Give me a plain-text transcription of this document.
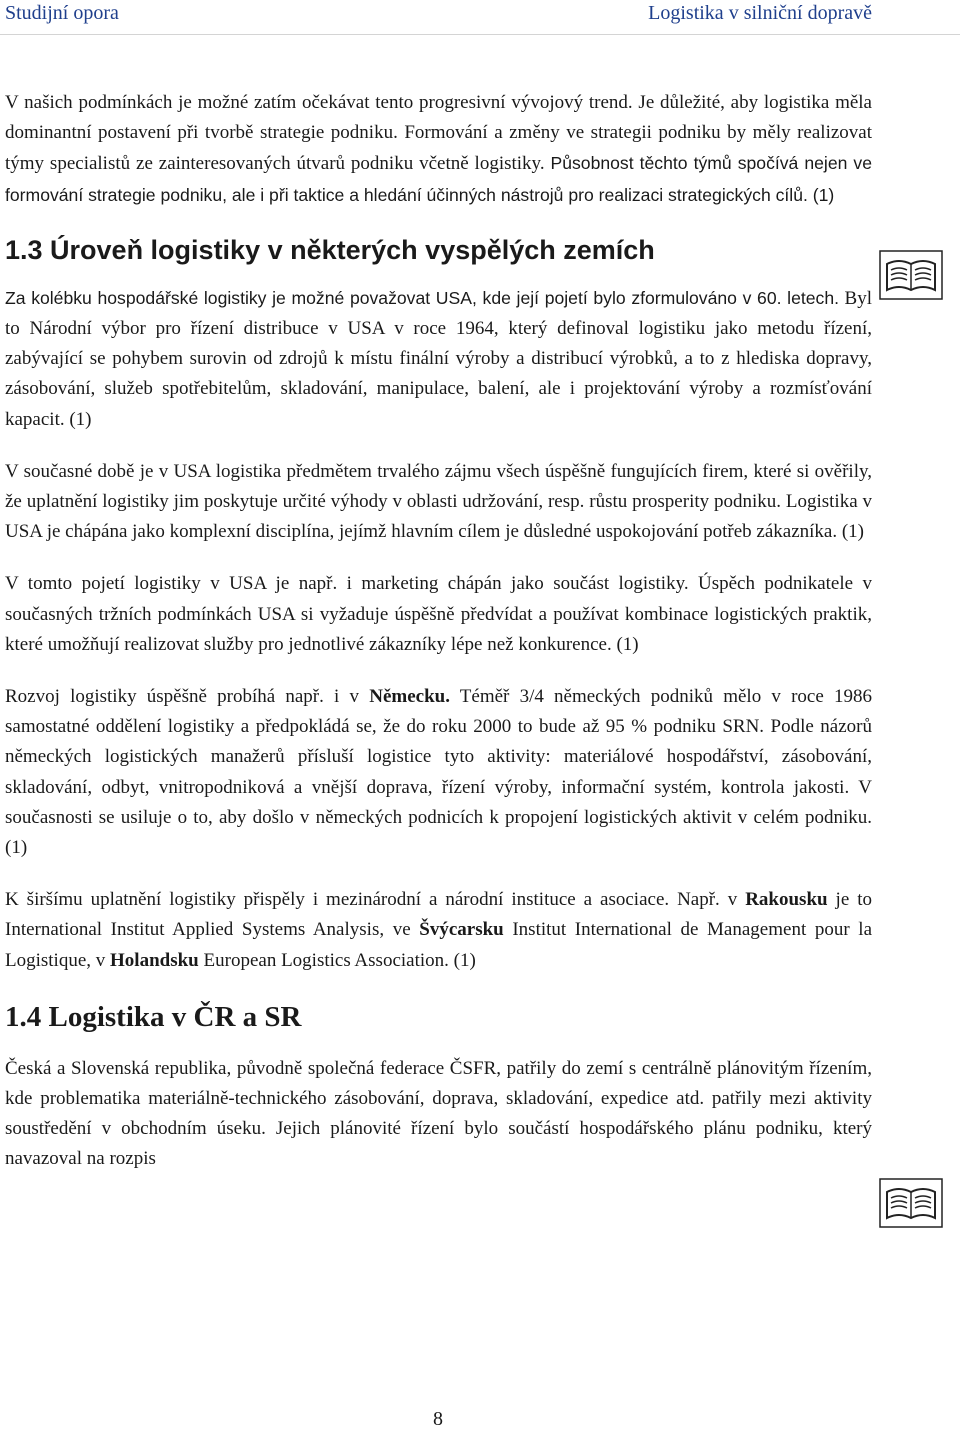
Studijní opora	Logistika v silniční dopravě

V našich podmínkách je možné zatím očekávat tento progresivní vývojový trend. Je důležité, aby logistika měla dominantní postavení při tvorbě strategie podniku. Formování a změny ve strategii podniku by měly realizovat týmy specialistů ze zainteresovaných útvarů podniku včetně logistiky. Působnost těchto týmů spočívá nejen ve formování strategie podniku, ale i při taktice a hledání účinných nástrojů pro realizaci strategických cílů. (1)

1.3 Úroveň logistiky v některých vyspělých zemích

Za kolébku hospodářské logistiky je možné považovat USA, kde její pojetí bylo zformulováno v 60. letech. Byl to Národní výbor pro řízení distribuce v USA v roce 1964, který definoval logistiku jako metodu řízení, zabývající se pohybem surovin od zdrojů k místu finální výroby a distribucí výrobků, a to z hlediska dopravy, zásobování, služeb spotřebitelům, skladování, manipulace, balení, ale i projektování výroby a rozmísťování kapacit. (1)

V současné době je v USA logistika předmětem trvalého zájmu všech úspěšně fungujících firem, které si ověřily, že uplatnění logistiky jim poskytuje určité výhody v oblasti udržování, resp. růstu prosperity podniku. Logistika v USA je chápána jako komplexní disciplína, jejímž hlavním cílem je důsledné uspokojování potřeb zákazníka. (1)

V tomto pojetí logistiky v USA je např. i marketing chápán jako součást logistiky. Úspěch podnikatele v současných tržních podmínkách USA si vyžaduje úspěšně předvídat a používat kombinace logistických praktik, které umožňují realizovat služby pro jednotlivé zákazníky lépe než konkurence. (1)

Rozvoj logistiky úspěšně probíhá např. i v Německu. Téměř 3/4 německých podniků mělo v roce 1986 samostatné oddělení logistiky a předpokládá se, že do roku 2000 to bude až 95 % podniku SRN. Podle názorů německých logistických manažerů přísluší logistice tyto aktivity: materiálové hospodářství, zásobování, skladování, odbyt, vnitropodniková a vnější doprava, řízení výroby, informační systém, kontrola jakosti. V současnosti se usiluje o to, aby došlo v německých podnicích k propojení logistických aktivit v celém podniku. (1)

K širšímu uplatnění logistiky přispěly i mezinárodní a národní instituce a asociace. Např. v Rakousku je to International Institut Applied Systems Analysis, ve Švýcarsku Institut International de Management pour la Logistique, v Holandsku European Logistics Association. (1)

1.4 Logistika v ČR a SR

Česká a Slovenská republika, původně společná federace ČSFR, patřily do zemí s centrálně plánovitým řízením, kde problematika materiálně-technického zásobování, doprava, skladování, expedice atd. patřily mezi aktivity soustředění v obchodním úseku. Jejich plánovité řízení bylo součástí hospodářského plánu podniku, který navazoval na rozpis

8
